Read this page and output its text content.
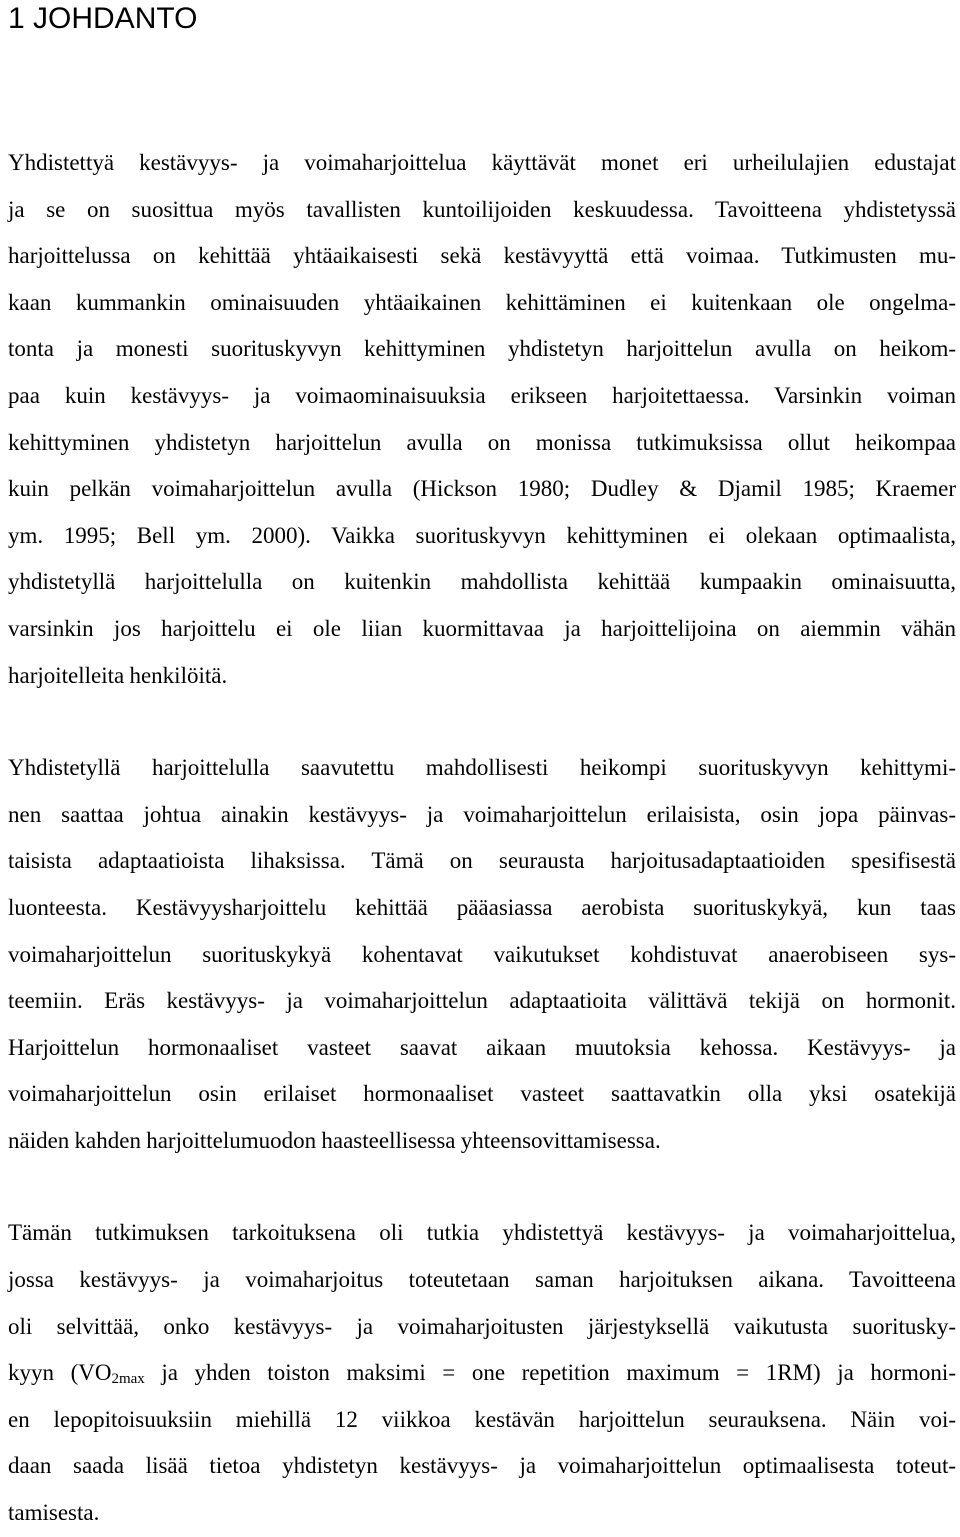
1 JOHDANTO
Yhdistettyä kestävyys- ja voimaharjoittelua käyttävät monet eri urheilulajien edustajat
ja se on suosittua myös tavallisten kuntoilijoiden keskuudessa. Tavoitteena yhdistetyssä
harjoittelussa on kehittää yhtäaikaisesti sekä kestävyyttä että voimaa. Tutkimusten mu-
kaan kummankin ominaisuuden yhtäaikainen kehittäminen ei kuitenkaan ole ongelma-
tonta ja monesti suorituskyvyn kehittyminen yhdistetyn harjoittelun avulla on heikom-
paa kuin kestävyys- ja voimaominaisuuksia erikseen harjoitettaessa. Varsinkin voiman
kehittyminen yhdistetyn harjoittelun avulla on monissa tutkimuksissa ollut heikompaa
kuin pelkän voimaharjoittelun avulla (Hickson 1980; Dudley & Djamil 1985; Kraemer
ym. 1995; Bell ym. 2000). Vaikka suorituskyvyn kehittyminen ei olekaan optimaalista,
yhdistetyllä harjoittelulla on kuitenkin mahdollista kehittää kumpaakin ominaisuutta,
varsinkin jos harjoittelu ei ole liian kuormittavaa ja harjoittelijoina on aiemmin vähän
harjoitelleita henkilöitä.
Yhdistetyllä harjoittelulla saavutettu mahdollisesti heikompi suorituskyvyn kehittymi-
nen saattaa johtua ainakin kestävyys- ja voimaharjoittelun erilaisista, osin jopa päinvas-
taisista adaptaatioista lihaksissa. Tämä on seurausta harjoitusadaptaatioiden spesifisestä
luonteesta. Kestävyysharjoittelu kehittää pääasiassa aerobista suorituskykyä, kun taas
voimaharjoittelun suorituskykyä kohentavat vaikutukset kohdistuvat anaerobiseen sys-
teemiin. Eräs kestävyys- ja voimaharjoittelun adaptaatioita välittävä tekijä on hormonit.
Harjoittelun hormonaaliset vasteet saavat aikaan muutoksia kehossa. Kestävyys- ja
voimaharjoittelun osin erilaiset hormonaaliset vasteet saattavatkin olla yksi osatekijä
näiden kahden harjoittelumuodon haasteellisessa yhteensovittamisessa.
Tämän tutkimuksen tarkoituksena oli tutkia yhdistettyä kestävyys- ja voimaharjoittelua,
jossa kestävyys- ja voimaharjoitus toteutetaan saman harjoituksen aikana. Tavoitteena
oli selvittää, onko kestävyys- ja voimaharjoitusten järjestyksellä vaikutusta suoritusky-
kyyn ($VO_{2max}$ ja yhden toiston maksimi = one repetition maximum = 1RM) ja hormoni-
en lepopitoisuuksiin miehillä 12 viikkoa kestävän harjoittelun seurauksena. Näin voi-
daan saada lisää tietoa yhdistetyn kestävyys- ja voimaharjoittelun optimaalisesta toteut-
tamisesta.
